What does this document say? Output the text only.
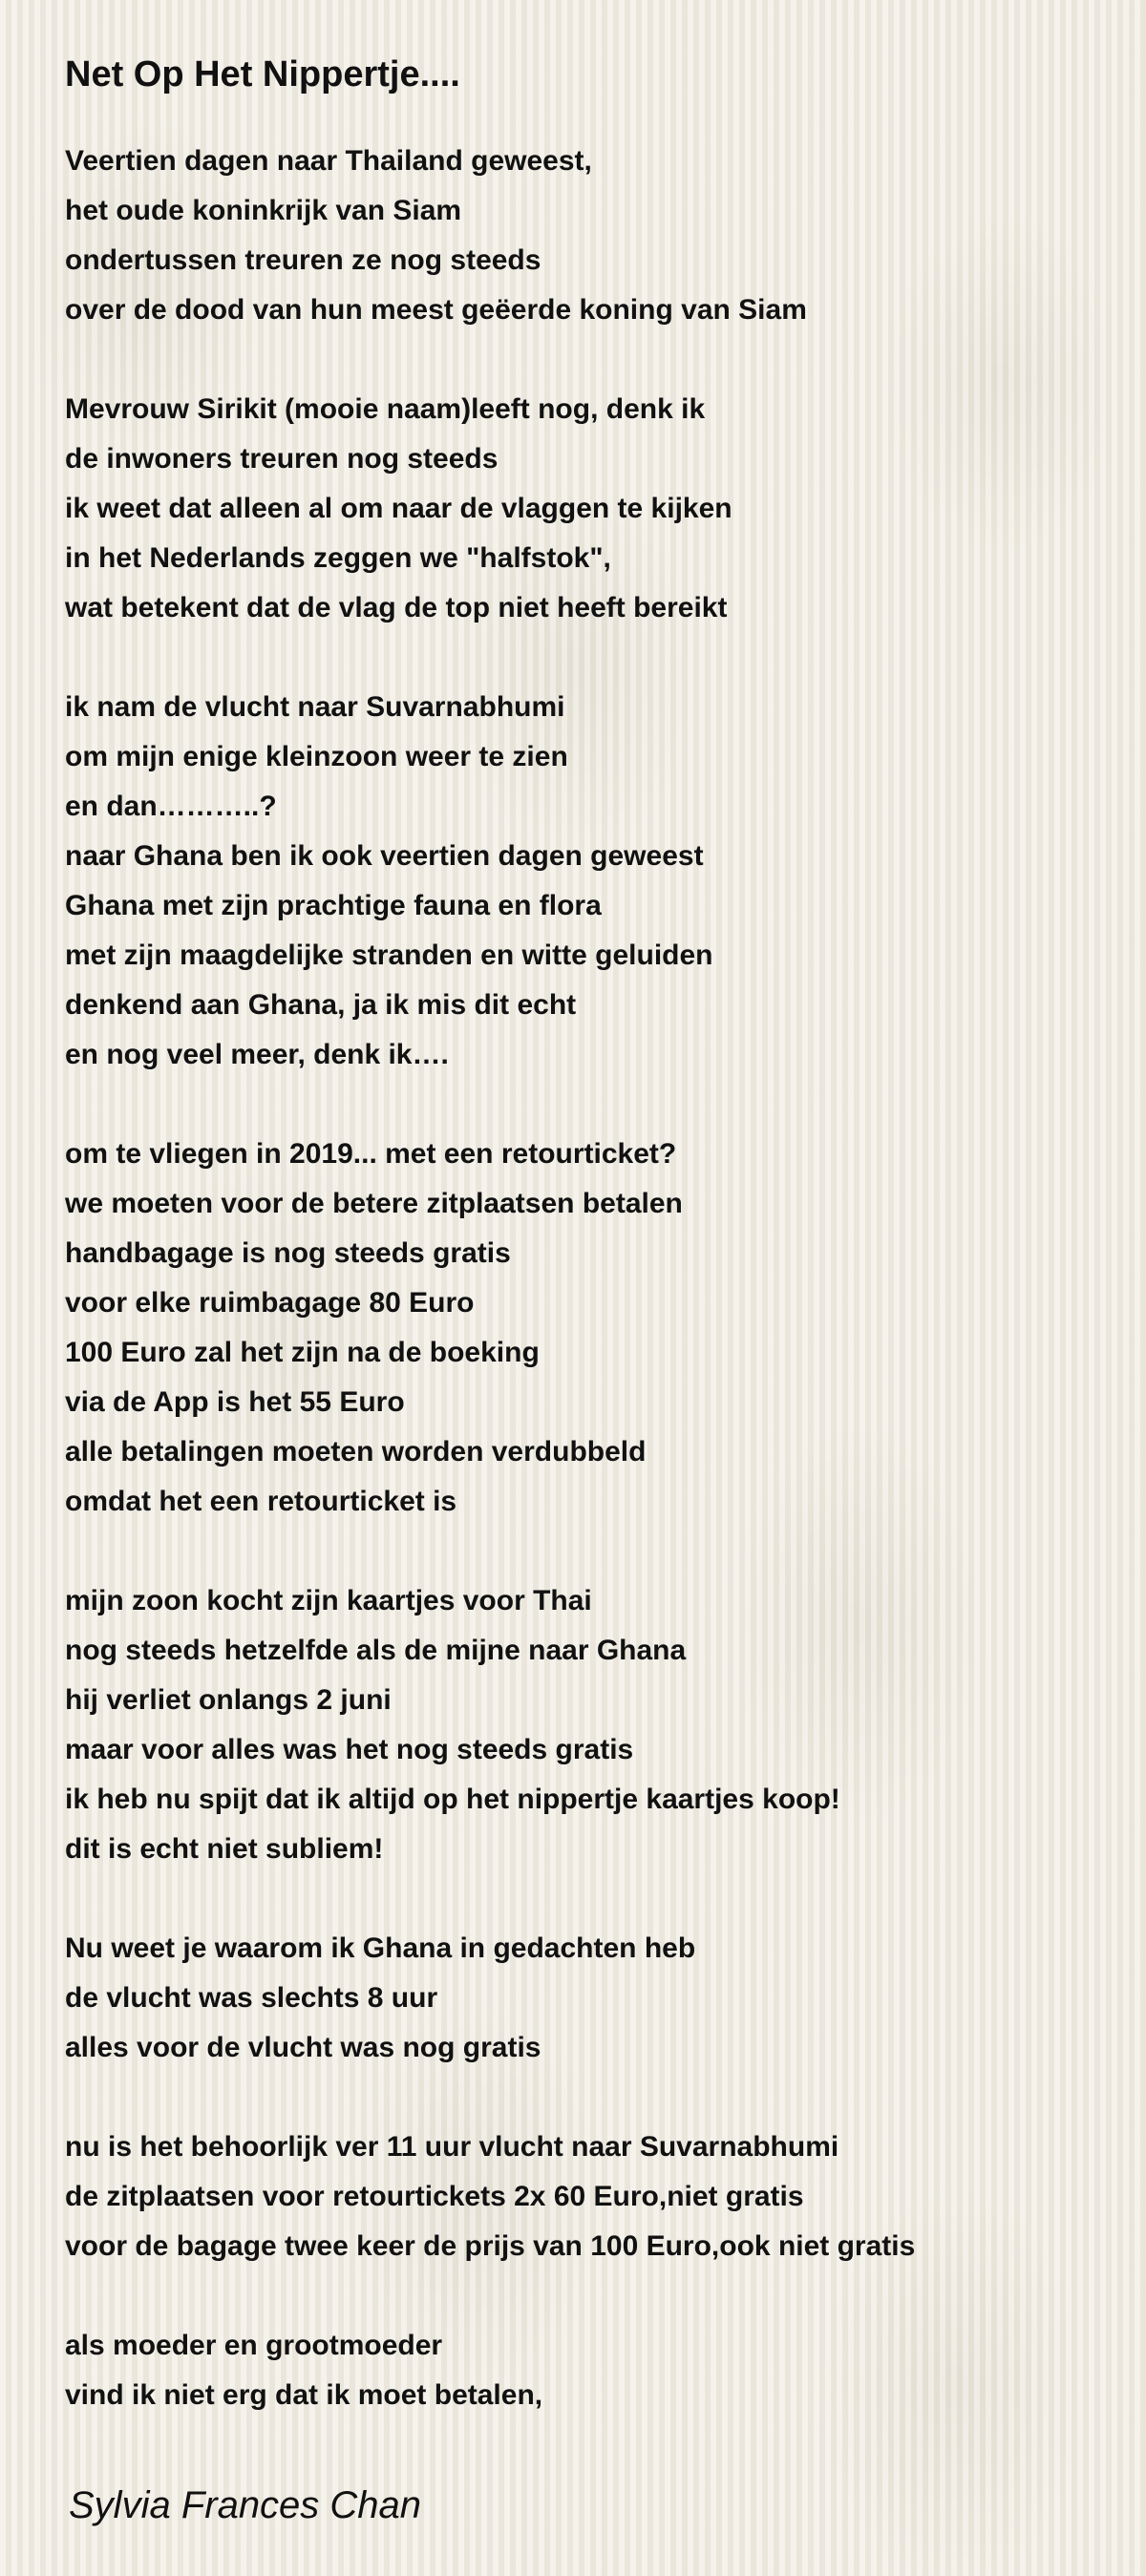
Net Op Het Nippertje....
Veertien dagen naar Thailand geweest,
het oude koninkrijk van Siam
ondertussen treuren ze nog steeds
over de dood van hun meest geëerde koning van Siam
Mevrouw Sirikit (mooie naam)leeft nog, denk ik
de inwoners treuren nog steeds
ik weet dat alleen al om naar de vlaggen te kijken
in het Nederlands zeggen we "halfstok",
wat betekent dat de vlag de top niet heeft bereikt
ik nam de vlucht naar Suvarnabhumi
om mijn enige kleinzoon weer te zien
en dan………..?
naar Ghana ben ik ook veertien dagen geweest
Ghana met zijn prachtige fauna en flora
met zijn maagdelijke stranden en witte geluiden
denkend aan Ghana, ja ik mis dit echt
en nog veel meer, denk ik….
om te vliegen in 2019... met een retourticket?
we moeten voor de betere zitplaatsen betalen
handbagage is nog steeds gratis
voor elke ruimbagage 80 Euro
100 Euro zal het zijn na de boeking
via de App is het 55 Euro
alle betalingen moeten worden verdubbeld
omdat het een retourticket is
mijn zoon kocht zijn kaartjes voor Thai
nog steeds hetzelfde als de mijne naar Ghana
hij verliet onlangs 2 juni
maar voor alles was het nog steeds gratis
ik heb nu spijt dat ik altijd op het nippertje kaartjes koop!
dit is echt niet subliem!
Nu weet je waarom ik Ghana in gedachten heb
de vlucht was slechts 8 uur
alles voor de vlucht was nog gratis
nu is het behoorlijk ver 11 uur vlucht naar Suvarnabhumi
de zitplaatsen voor retourtickets 2x 60 Euro,niet gratis
voor de bagage twee keer de prijs van 100 Euro,ook niet gratis
als moeder en grootmoeder
vind ik niet erg dat ik moet betalen,
Sylvia Frances Chan
